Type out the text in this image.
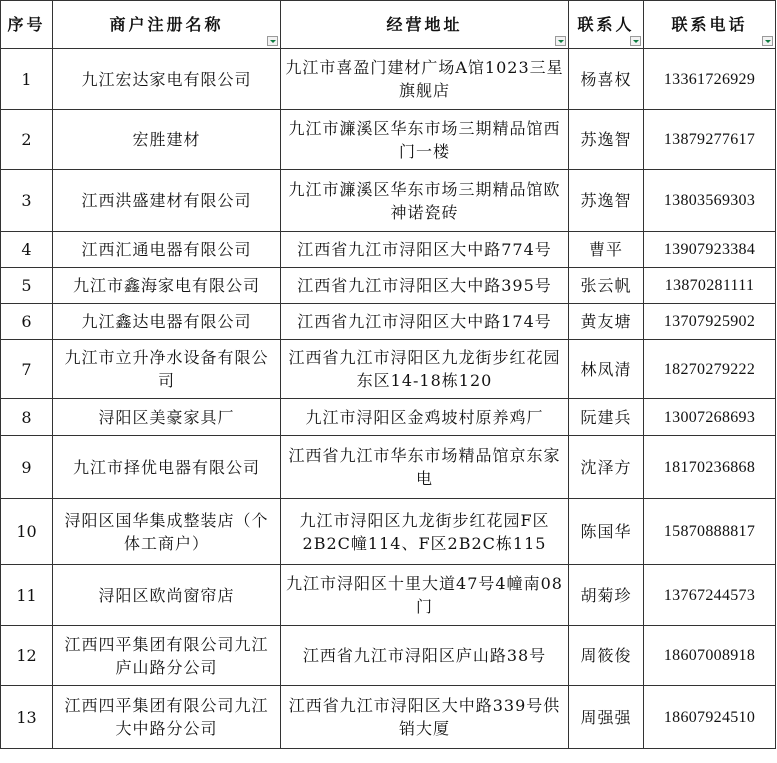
序号	商户注册名称	经营地址	联系人	联系电话

1	九江宏达家电有限公司	九江市喜盈门建材广场A馆1023三星旗舰店	杨喜权	13361726929
2	宏胜建材	九江市濂溪区华东市场三期精品馆西门一楼	苏逸智	13879277617
3	江西洪盛建材有限公司	九江市濂溪区华东市场三期精品馆欧神诺瓷砖	苏逸智	13803569303
4	江西汇通电器有限公司	江西省九江市浔阳区大中路774号	曹平	13907923384
5	九江市鑫海家电有限公司	江西省九江市浔阳区大中路395号	张云帆	13870281111
6	九江鑫达电器有限公司	江西省九江市浔阳区大中路174号	黄友塘	13707925902
7	九江市立升净水设备有限公司	江西省九江市浔阳区九龙街步红花园东区14-18栋120	林凤清	18270279222
8	浔阳区美豪家具厂	九江市浔阳区金鸡坡村原养鸡厂	阮建兵	13007268693
9	九江市择优电器有限公司	江西省九江市华东市场精品馆京东家电	沈泽方	18170236868
10	浔阳区国华集成整装店（个体工商户）	九江市浔阳区九龙街步红花园F区2B2C幢114、F区2B2C栋115	陈国华	15870888817
11	浔阳区欧尚窗帘店	九江市浔阳区十里大道47号4幢南08门	胡菊珍	13767244573
12	江西四平集团有限公司九江庐山路分公司	江西省九江市浔阳区庐山路38号	周筱俊	18607008918
13	江西四平集团有限公司九江大中路分公司	江西省九江市浔阳区大中路339号供销大厦	周强强	18607924510
